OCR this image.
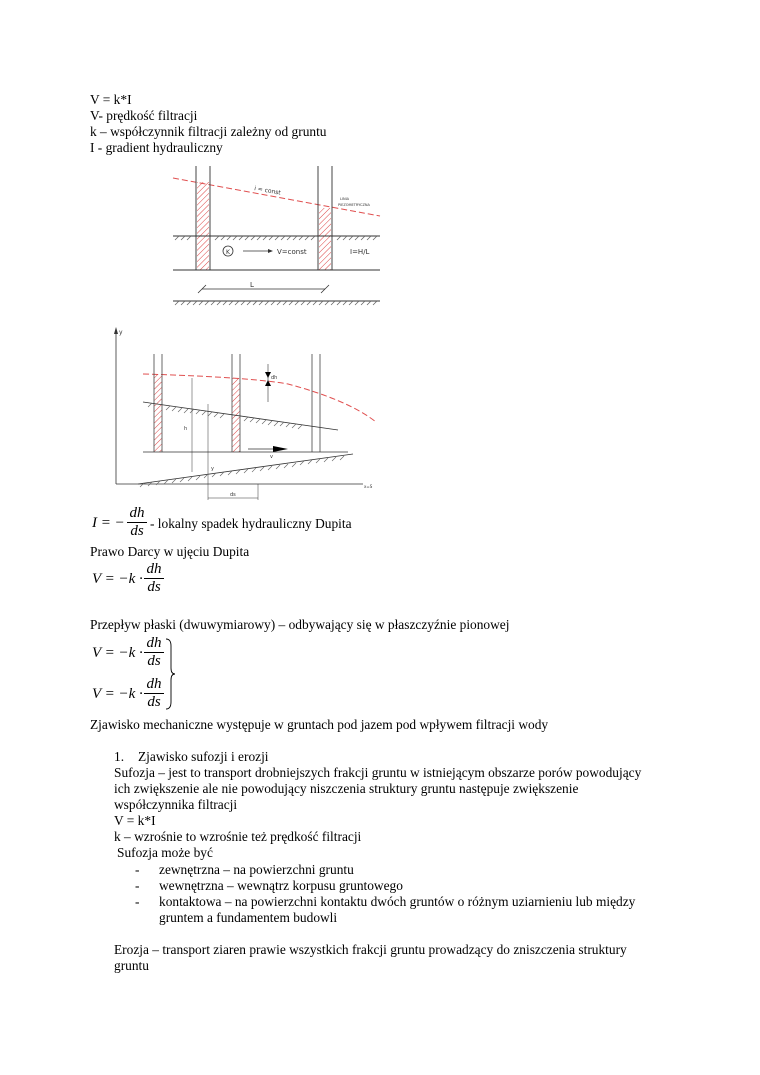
V = k*I
V- prędkość filtracji
k – współczynnik filtracji zależny od gruntu
I - gradient hydrauliczny
K	V=const	I=H/L
i = const
LINIA
PIEZOMETRYCZNA
L
y
x=S
dh
v
h
y
ds
I = − $\frac{dh}{ds}$ - lokalny spadek hydrauliczny Dupita
Prawo Darcy w ujęciu Dupita
$V = -k \cdot \frac{dh}{ds}$
Przepływ płaski (dwuwymiarowy) – odbywający się w płaszczyźnie pionowej
$V = -k \cdot \frac{dh}{ds}$
$V = -k \cdot \frac{dh}{ds}$
Zjawisko mechaniczne występuje w gruntach pod jazem pod wpływem filtracji wody
1. Zjawisko sufozji i erozji
Sufozja – jest to transport drobniejszych frakcji gruntu w istniejącym obszarze porów powodujący
ich zwiększenie ale nie powodujący niszczenia struktury gruntu następuje zwiększenie
współczynnika filtracji
V = k*I
k – wzrośnie to wzrośnie też prędkość filtracji
Sufozja może być
- zewnętrzna – na powierzchni gruntu
- wewnętrzna – wewnątrz korpusu gruntowego
- kontaktowa – na powierzchni kontaktu dwóch gruntów o różnym uziarnieniu lub między
gruntem a fundamentem budowli
Erozja – transport ziaren prawie wszystkich frakcji gruntu prowadzący do zniszczenia struktury
gruntu
